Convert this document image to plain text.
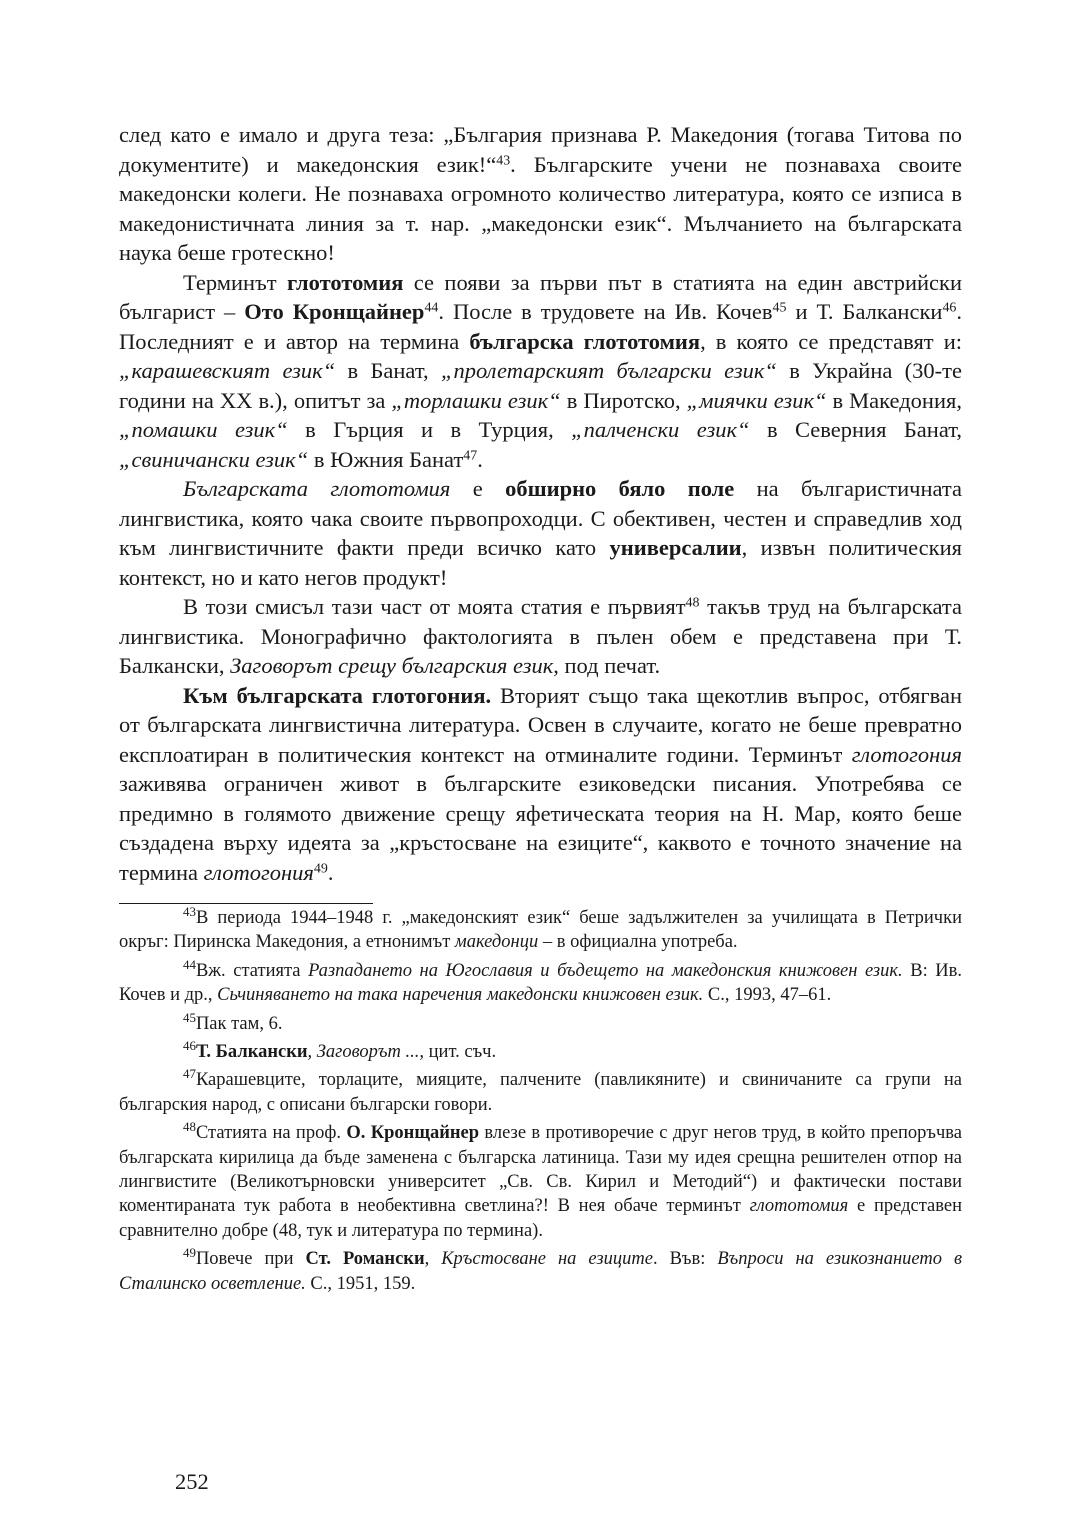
след като е имало и друга теза: „България признава Р. Македония (тогава Титова по документите) и македонския език!“$^{43}$. Българските учени не познаваха своите македонски колеги. Не познаваха огромното количество литература, която се изписа в македонистичната линия за т. нар. „македонски език“. Мълчанието на българската наука беше гротескно!

Терминът глототомия се появи за първи път в статията на един австрийски българист – Ото Кронщайнер$^{44}$. После в трудовете на Ив. Кочев$^{45}$ и Т. Балкански$^{46}$. Последният е и автор на термина българска глототомия, в която се представят и: „карашевският език“ в Банат, „пролетарският български език“ в Украйна (30-те години на XX в.), опитът за „торлашки език“ в Пиротско, „миячки език“ в Македония, „помашки език“ в Гърция и в Турция, „палченски език“ в Северния Банат, „свиничански език“ в Южния Банат$^{47}$.

Българската глототомия е обширно бяло поле на българистичната лингвистика, която чака своите първопроходци. С обективен, честен и справедлив ход към лингвистичните факти преди всичко като универсалии, извън политическия контекст, но и като негов продукт!

В този смисъл тази част от моята статия е първият$^{48}$ такъв труд на българската лингвистика. Монографично фактологията в пълен обем е представена при Т. Балкански, Заговорът срещу българския език, под печат.

Към българската глотогония. Вторият също така щекотлив въпрос, отбягван от българската лингвистична литература. Освен в случаите, когато не беше превратно експлоатиран в политическия контекст на отминалите години. Терминът глотогония заживява ограничен живот в българските езиковедски писания. Употребява се предимно в голямото движение срещу яфетическата теория на Н. Мар, която беше създадена върху идеята за „кръстосване на езиците“, каквото е точното значение на термина глотогония$^{49}$.

$^{43}$В периода 1944–1948 г. „македонският език“ беше задължителен за училищата в Петрички окръг: Пиринска Македония, а етнонимът македонци – в официална употреба.

$^{44}$Вж. статията Разпадането на Югославия и бъдещето на македонския книжовен език. В: Ив. Кочев и др., Сьчиняването на така наречения македонски книжовен език. С., 1993, 47–61.

$^{45}$Пак там, 6.

$^{46}$Т. Балкански, Заговорът ..., цит. съч.

$^{47}$Карашевците, торлаците, мияците, палчените (павликяните) и свиничаните са групи на българския народ, с описани български говори.

$^{48}$Статията на проф. О. Кронщайнер влезе в противоречие с друг негов труд, в който препоръчва българската кирилица да бъде заменена с българска латиница. Тази му идея срещна решителен отпор на лингвистите (Великотърновски университет „Св. Св. Кирил и Методий“) и фактически постави коментираната тук работа в необективна светлина?! В нея обаче терминът глототомия е представен сравнително добре (48, тук и литература по термина).

$^{49}$Повече при Ст. Романски, Кръстосване на езиците. Във: Въпроси на езикознанието в Сталинско осветление. С., 1951, 159.

252
